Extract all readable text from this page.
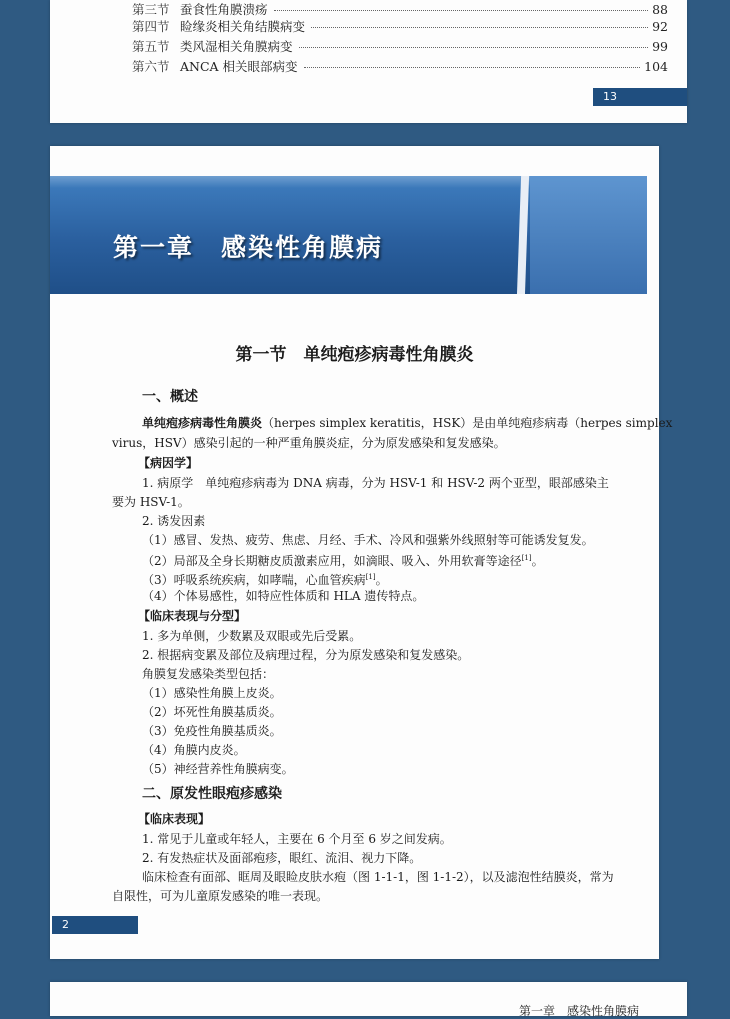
第三节 蚕食性角膜溃疡	88
第四节 睑缘炎相关角结膜病变	92
第五节 类风湿相关角膜病变	99
第六节 ANCA 相关眼部病变	104
13
第一章　感染性角膜病
第一节　单纯疱疹病毒性角膜炎
一、概述
单纯疱疹病毒性角膜炎（herpes simplex keratitis，HSK）是由单纯疱疹病毒（herpes simplex
virus，HSV）感染引起的一种严重角膜炎症，分为原发感染和复发感染。
【病因学】
1. 病原学　单纯疱疹病毒为 DNA 病毒，分为 HSV-1 和 HSV-2 两个亚型，眼部感染主
要为 HSV-1。
2. 诱发因素
（1）感冒、发热、疲劳、焦虑、月经、手术、冷风和强紫外线照射等可能诱发复发。
（2）局部及全身长期糖皮质激素应用，如滴眼、吸入、外用软膏等途径[1]。
（3）呼吸系统疾病，如哮喘，心血管疾病[1]。
（4）个体易感性，如特应性体质和 HLA 遗传特点。
【临床表现与分型】
1. 多为单侧，少数累及双眼或先后受累。
2. 根据病变累及部位及病理过程，分为原发感染和复发感染。
角膜复发感染类型包括：
（1）感染性角膜上皮炎。
（2）坏死性角膜基质炎。
（3）免疫性角膜基质炎。
（4）角膜内皮炎。
（5）神经营养性角膜病变。
二、原发性眼疱疹感染
【临床表现】
1. 常见于儿童或年轻人，主要在 6 个月至 6 岁之间发病。
2. 有发热症状及面部疱疹，眼红、流泪、视力下降。
临床检查有面部、眶周及眼睑皮肤水疱（图 1-1-1，图 1-1-2），以及滤泡性结膜炎，常为
自限性，可为儿童原发感染的唯一表现。
2
第一章　感染性角膜病
